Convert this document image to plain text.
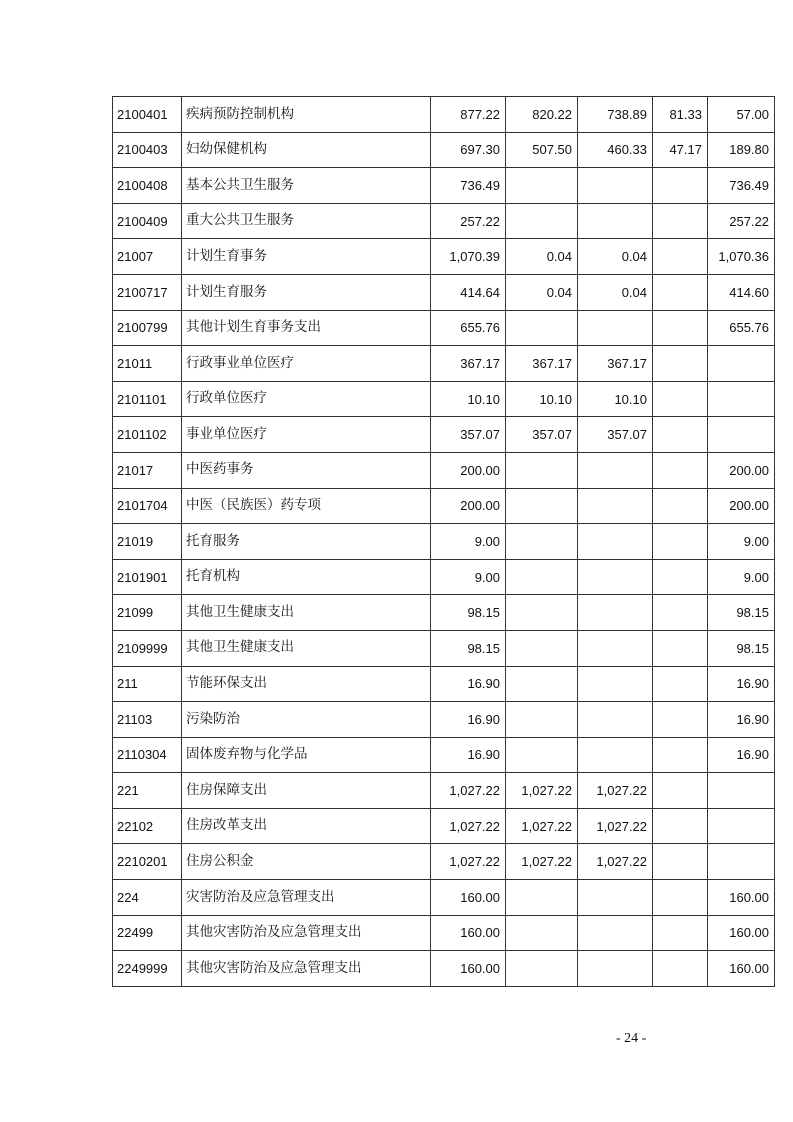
2100401	疾病预防控制机构	877.22	820.22	738.89	81.33	57.00
2100403	妇幼保健机构	697.30	507.50	460.33	47.17	189.80
2100408	基本公共卫生服务	736.49				736.49
2100409	重大公共卫生服务	257.22				257.22
21007	计划生育事务	1,070.39	0.04	0.04		1,070.36
2100717	计划生育服务	414.64	0.04	0.04		414.60
2100799	其他计划生育事务支出	655.76				655.76
21011	行政事业单位医疗	367.17	367.17	367.17		
2101101	行政单位医疗	10.10	10.10	10.10		
2101102	事业单位医疗	357.07	357.07	357.07		
21017	中医药事务	200.00				200.00
2101704	中医（民族医）药专项	200.00				200.00
21019	托育服务	9.00				9.00
2101901	托育机构	9.00				9.00
21099	其他卫生健康支出	98.15				98.15
2109999	其他卫生健康支出	98.15				98.15
211	节能环保支出	16.90				16.90
21103	污染防治	16.90				16.90
2110304	固体废弃物与化学品	16.90				16.90
221	住房保障支出	1,027.22	1,027.22	1,027.22		
22102	住房改革支出	1,027.22	1,027.22	1,027.22		
2210201	住房公积金	1,027.22	1,027.22	1,027.22		
224	灾害防治及应急管理支出	160.00				160.00
22499	其他灾害防治及应急管理支出	160.00				160.00
2249999	其他灾害防治及应急管理支出	160.00				160.00
- 24 -
